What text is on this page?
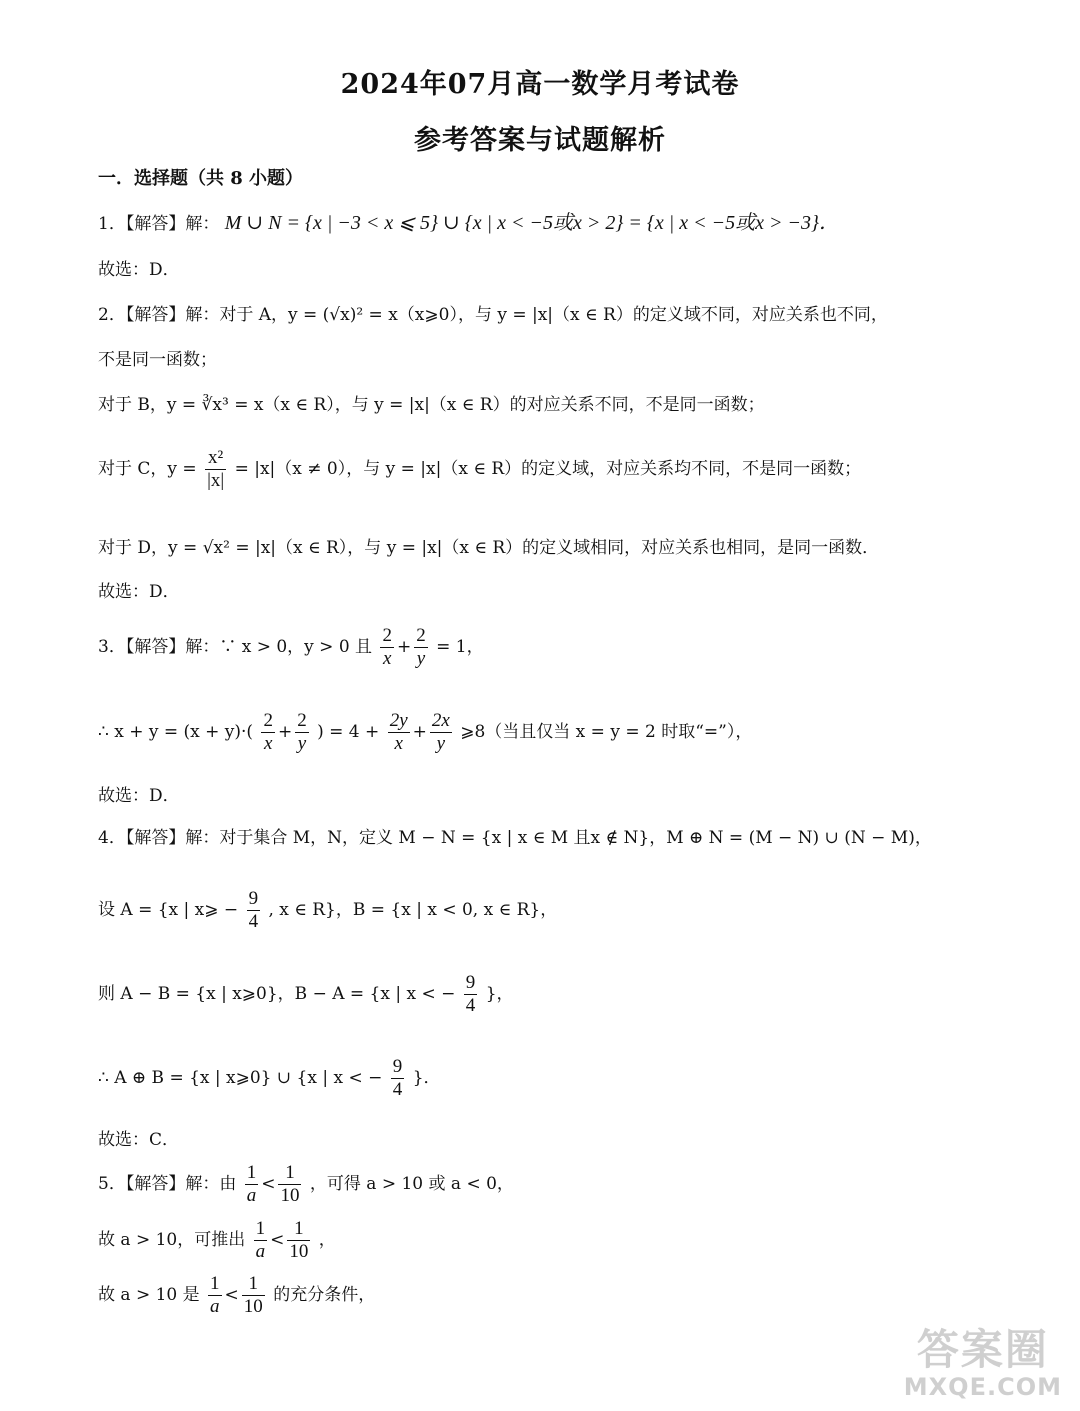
2024年07月高一数学月考试卷
参考答案与试题解析
一．选择题（共 8 小题）
1．【解答】解： M ∪ N = {x | −3 < x ⩽ 5} ∪ {x | x < −5或x > 2} = {x | x < −5或x > −3}．
故选：D．
2．【解答】解：对于 A，y = (√x)² = x（x⩾0），与 y = |x|（x ∈ R）的定义域不同，对应关系也不同，
不是同一函数；
对于 B，y = ∛x³ = x（x ∈ R），与 y = |x|（x ∈ R）的对应关系不同，不是同一函数；
对于 C，$y = \frac{\text{x²}}{|x|} = |x|(x \ne 0)$，与 y = |x|（x ∈ R）的定义域，对应关系均不同，不是同一函数；
对于 D，y = √x² = |x|（x ∈ R），与 y = |x|（x ∈ R）的定义域相同，对应关系也相同，是同一函数．
故选：D．
3．【解答】解：∵ x > 0，y > 0 且 $\frac{2}{x} + \frac{2}{y} = 1$，
∴ $x + y = (x + y)\cdot( \frac{2}{x} + \frac{2}{y}$ ) = $4 + \frac{2y}{x} + \frac{2x}{y}$ ⩾8（当且仅当 x = y = 2 时取“=”），
故选：D．
4．【解答】解：对于集合 M，N，定义 M − N = {x | x ∈ M 且x ∉ N}，M ⊕ N = (M − N) ∪ (N − M)，
设 A = {x | x⩾ − $\frac{9}{4}$ , x ∈ R}，B = {x | x < 0, x ∈ R}，
则 A − B = {x | x⩾0}，B − A = {x | x < − $\frac{9}{4}$ }，
∴ A ⊕ B = {x | x⩾0} ∪ {x | x < − $\frac{9}{4}$ }．
故选：C．
5．【解答】解：由 $\frac{1}{a} < \frac{1}{10}$ ，可得 a > 10 或 a < 0，
故 a > 10，可推出 $\frac{1}{a} < \frac{1}{10}$ ，
故 a > 10 是 $\frac{1}{a} < \frac{1}{10}$ 的充分条件，
答案圈
MXQE.COM
